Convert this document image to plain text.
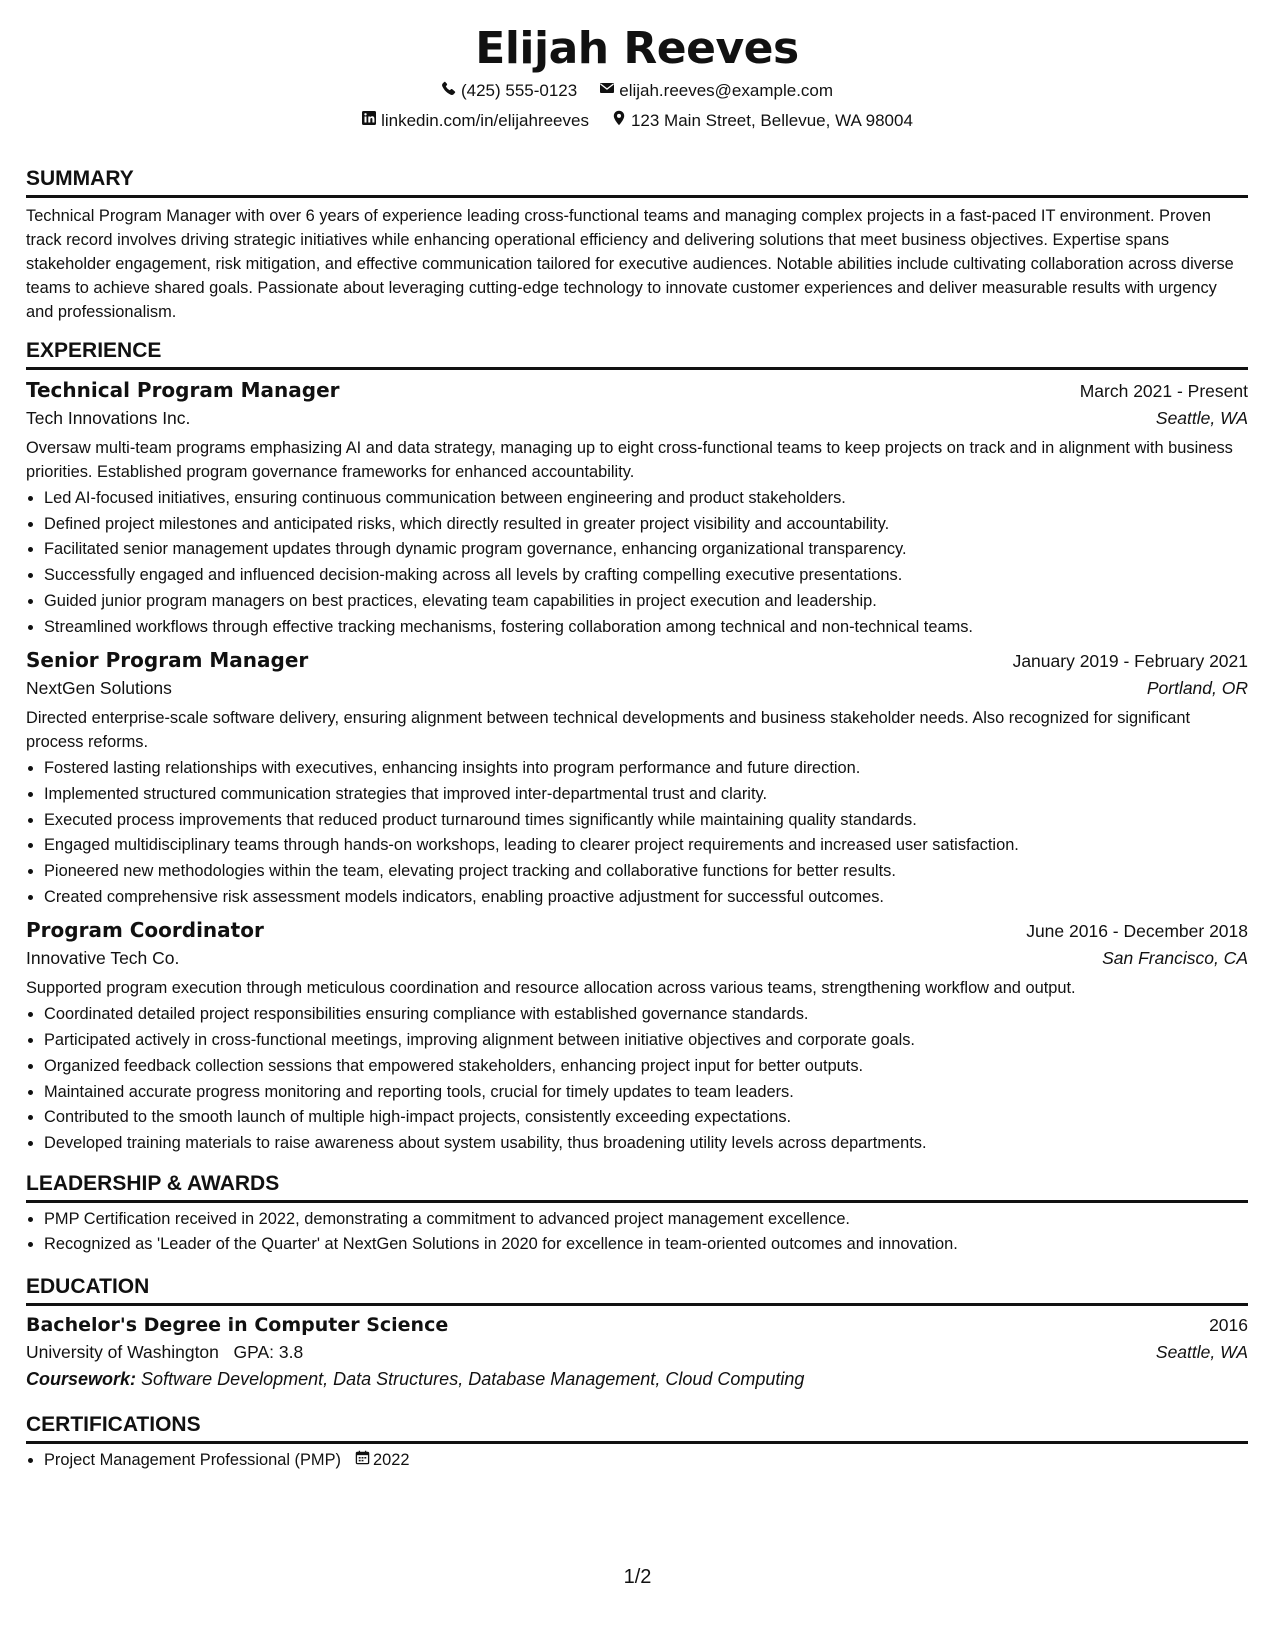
Elijah Reeves
(425) 555-0123 elijah.reeves@example.com
linkedin.com/in/elijahreeves 123 Main Street, Bellevue, WA 98004
SUMMARY
Technical Program Manager with over 6 years of experience leading cross-functional teams and managing complex projects in a fast-paced IT environment. Proven track record involves driving strategic initiatives while enhancing operational efficiency and delivering solutions that meet business objectives. Expertise spans stakeholder engagement, risk mitigation, and effective communication tailored for executive audiences. Notable abilities include cultivating collaboration across diverse teams to achieve shared goals. Passionate about leveraging cutting-edge technology to innovate customer experiences and deliver measurable results with urgency and professionalism.
EXPERIENCE
Technical Program Manager	March 2021 - Present
Tech Innovations Inc.	Seattle, WA
Oversaw multi-team programs emphasizing AI and data strategy, managing up to eight cross-functional teams to keep projects on track and in alignment with business priorities. Established program governance frameworks for enhanced accountability.
• Led AI-focused initiatives, ensuring continuous communication between engineering and product stakeholders.
• Defined project milestones and anticipated risks, which directly resulted in greater project visibility and accountability.
• Facilitated senior management updates through dynamic program governance, enhancing organizational transparency.
• Successfully engaged and influenced decision-making across all levels by crafting compelling executive presentations.
• Guided junior program managers on best practices, elevating team capabilities in project execution and leadership.
• Streamlined workflows through effective tracking mechanisms, fostering collaboration among technical and non-technical teams.
Senior Program Manager	January 2019 - February 2021
NextGen Solutions	Portland, OR
Directed enterprise-scale software delivery, ensuring alignment between technical developments and business stakeholder needs. Also recognized for significant process reforms.
• Fostered lasting relationships with executives, enhancing insights into program performance and future direction.
• Implemented structured communication strategies that improved inter-departmental trust and clarity.
• Executed process improvements that reduced product turnaround times significantly while maintaining quality standards.
• Engaged multidisciplinary teams through hands-on workshops, leading to clearer project requirements and increased user satisfaction.
• Pioneered new methodologies within the team, elevating project tracking and collaborative functions for better results.
• Created comprehensive risk assessment models indicators, enabling proactive adjustment for successful outcomes.
Program Coordinator	June 2016 - December 2018
Innovative Tech Co.	San Francisco, CA
Supported program execution through meticulous coordination and resource allocation across various teams, strengthening workflow and output.
• Coordinated detailed project responsibilities ensuring compliance with established governance standards.
• Participated actively in cross-functional meetings, improving alignment between initiative objectives and corporate goals.
• Organized feedback collection sessions that empowered stakeholders, enhancing project input for better outputs.
• Maintained accurate progress monitoring and reporting tools, crucial for timely updates to team leaders.
• Contributed to the smooth launch of multiple high-impact projects, consistently exceeding expectations.
• Developed training materials to raise awareness about system usability, thus broadening utility levels across departments.
LEADERSHIP & AWARDS
• PMP Certification received in 2022, demonstrating a commitment to advanced project management excellence.
• Recognized as 'Leader of the Quarter' at NextGen Solutions in 2020 for excellence in team-oriented outcomes and innovation.
EDUCATION
Bachelor's Degree in Computer Science	2016
University of Washington GPA: 3.8	Seattle, WA
Coursework: Software Development, Data Structures, Database Management, Cloud Computing
CERTIFICATIONS
• Project Management Professional (PMP) 2022
1/2
